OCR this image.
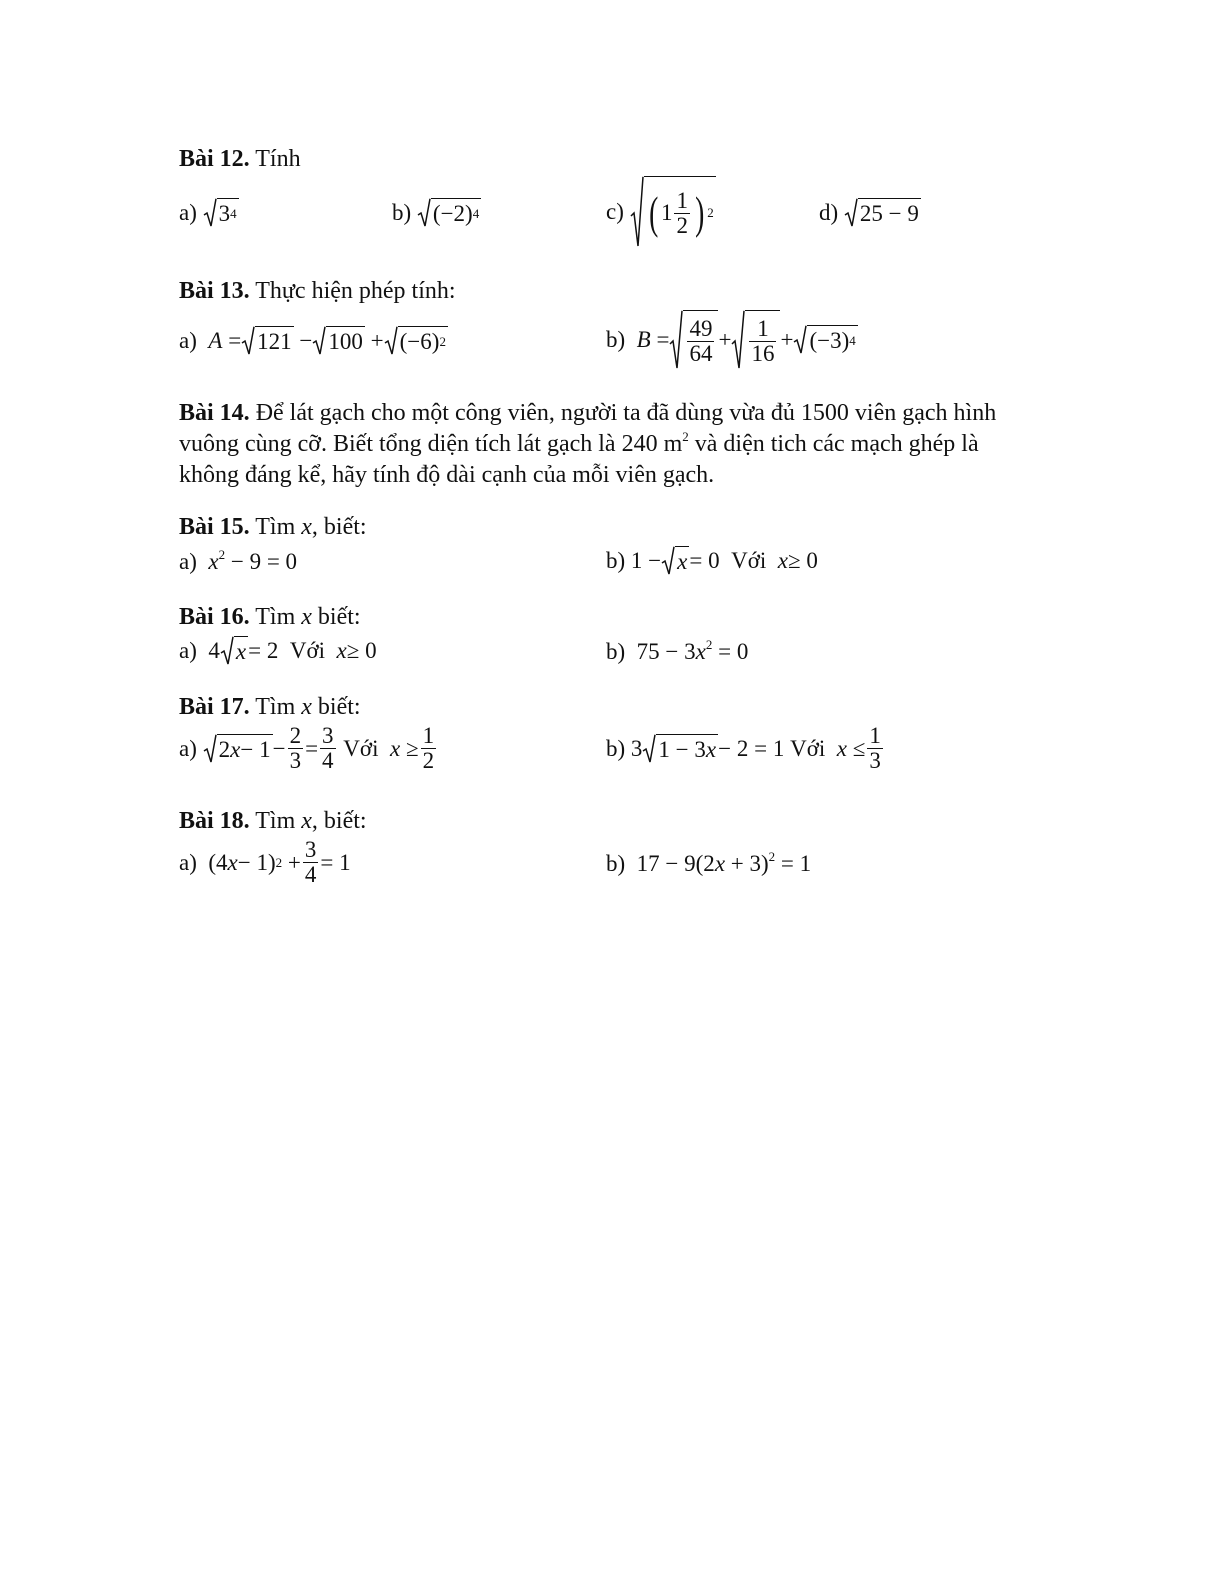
Bài 12. Tính
a)
3 4	b)
(−2) 4	c)
( $1 \frac{1}{2}$ ) 2	d)
25 − 9
Bài 13. Thực hiện phép tính:
a)
A
= 121
− 100
+ (−6) 2	b)
B
= $\frac{49}{64} + \frac{1}{16} + (-3)$ 4
Bài 14. Để lát gạch cho một công viên, người ta đã dùng vừa đủ 1500 viên gạch hình vuông cùng cỡ. Biết tổng diện tích lát gạch là 240 $m^2$ và diện tich các mạch ghép là không đáng kể, hãy tính độ dài cạnh của mỗi viên gạch.
Bài 15. Tìm x, biết:
a) $x^2 - 9 = 0$	b)
1 − x = 0
Với
x ≥ 0
Bài 16. Tìm x biết:
a)
4 x = 2
Với
x ≥ 0	b) $75 - 3x^2 = 0$
Bài 17. Tìm x biết:
a)
2 $x - 1 - \frac{2}{3} = \frac{3}{4}$
Với
x
≥ $\frac{1}{2}$	b)
3 1 − 3 x − 2 = 1
Với
x
≤ $\frac{1}{3}$
Bài 18. Tìm x, biết:
a)
(4 x − 1) 2
+ $\frac{3}{4} = 1$	b) $17 - 9(2x + 3)^2 = 1$
